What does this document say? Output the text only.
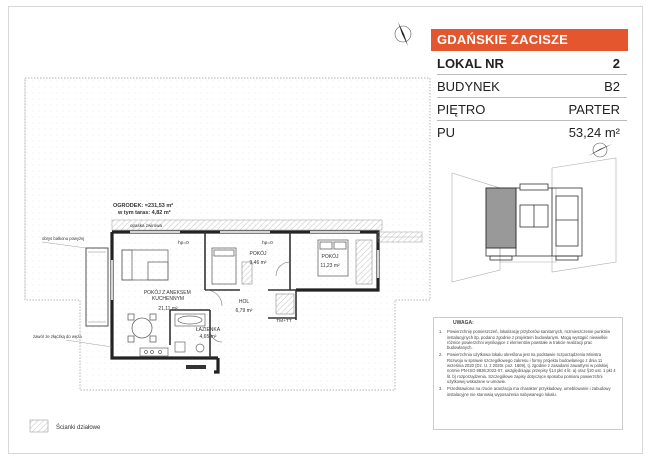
OGRODEK: =231,53 m²
w tym taras: 4,82 m²
opaska żwirowa
obrys balkonu powyżej
zawór ze złączką do węża
hp=0	hp=0
POKÓJ Z ANEKSEM KUCHENNYM
21,11 m²
POKÓJ
9,46 m²
POKÓJ
11,23 m²
HOL
6,79 m²
ŁAZIENKA
4,65 m²
TM+TT
GDAŃSKIE ZACISZE
LOKAL NR	2
BUDYNEK	B2
PIĘTRO	PARTER
PU	53,24 m²
UWAGA:
1.	Powierzchnię pomieszczeń, lokalizację przyborów sanitarnych, rozmieszczenie punktów instalacyjnych itp. podano zgodnie z projektem budowlanym. Mogą wystąpić niewielkie różnice powierzchni wynikające z elementów powstałe w trakcie realizacji prac budowlanych.
2.	Powierzchnia użytkowa lokalu określona jest na podstawie rozporządzenia Ministra Rozwoju w sprawie szczegółowego zakresu i formy projektu budowlanego z dnia 11 września 2020 (Dz. U. z 2020r. poz. 1609), tj. zgodnie z zasadami zawartymi w polskiej normie PN-ISO 9836:2022-07, uwzględniając przepisy §14 pkt 4 lit. a) oraz §20 ust. 1 pkt 4 lit. b) rozporządzenia. Szczegółowe zapisy dotyczące sposobu pomiaru powierzchni użytkowej wskazane w umowie.
3.	Przedstawiona na rzucie aranżacja ma charakter przykładowy, umeblowanie i zabudowy instalacyjne nie stanowią wyposażenia nabywanego lokalu.
Ścianki działowe
